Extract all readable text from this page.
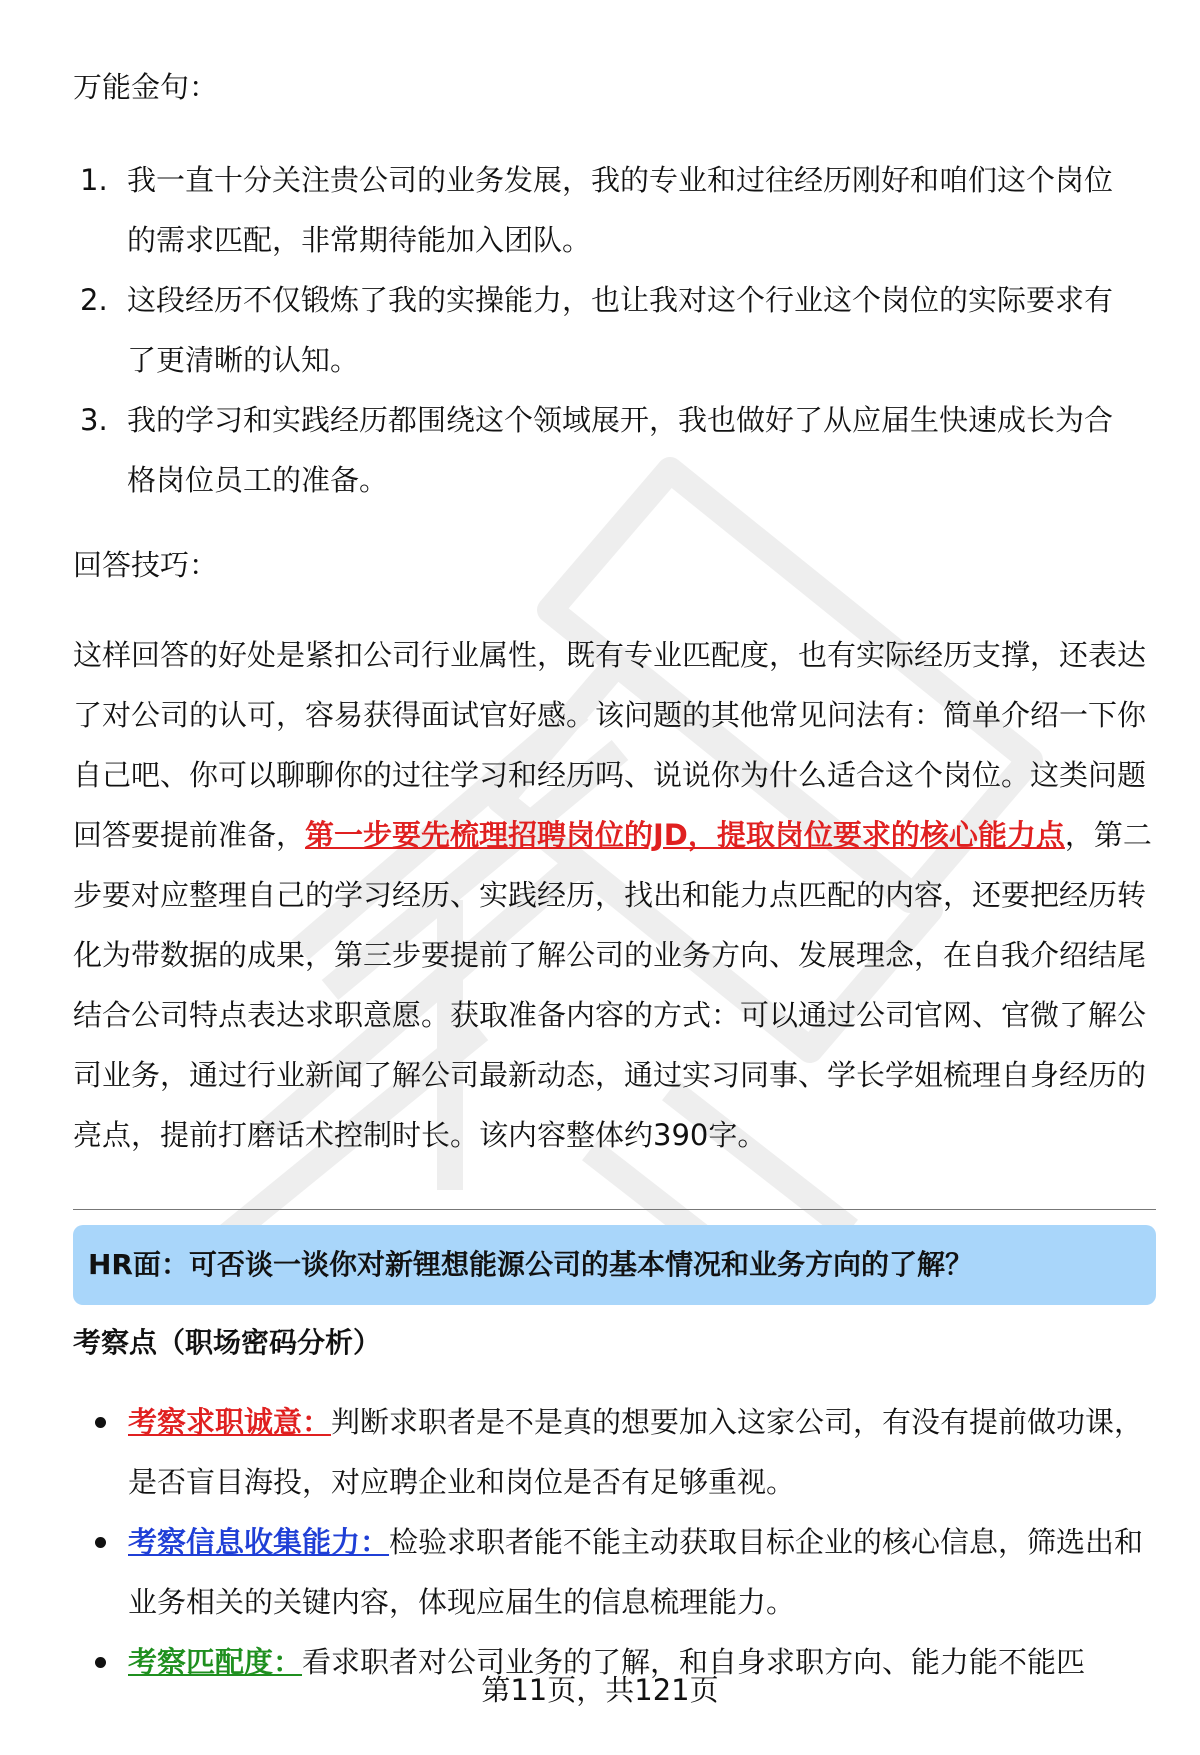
万能金句：
1. 我一直十分关注贵公司的业务发展，我的专业和过往经历刚好和咱们这个岗位的需求匹配，非常期待能加入团队。
2. 这段经历不仅锻炼了我的实操能力，也让我对这个行业这个岗位的实际要求有了更清晰的认知。
3. 我的学习和实践经历都围绕这个领域展开，我也做好了从应届生快速成长为合格岗位员工的准备。
回答技巧：

这样回答的好处是紧扣公司行业属性，既有专业匹配度，也有实际经历支撑，还表达了对公司的认可，容易获得面试官好感。该问题的其他常见问法有：简单介绍一下你自己吧、你可以聊聊你的过往学习和经历吗、说说你为什么适合这个岗位。这类问题回答要提前准备，第一步要先梳理招聘岗位的JD，提取岗位要求的核心能力点，第二步要对应整理自己的学习经历、实践经历，找出和能力点匹配的内容，还要把经历转化为带数据的成果，第三步要提前了解公司的业务方向、发展理念，在自我介绍结尾结合公司特点表达求职意愿。获取准备内容的方式：可以通过公司官网、官微了解公司业务，通过行业新闻了解公司最新动态，通过实习同事、学长学姐梳理自身经历的亮点，提前打磨话术控制时长。该内容整体约390字。

HR面：可否谈一谈你对新锂想能源公司的基本情况和业务方向的了解？
考察点（职场密码分析）
考察求职诚意：判断求职者是不是真的想要加入这家公司，有没有提前做功课，是否盲目海投，对应聘企业和岗位是否有足够重视。
考察信息收集能力：检验求职者能不能主动获取目标企业的核心信息，筛选出和业务相关的关键内容，体现应届生的信息梳理能力。
考察匹配度：看求职者对公司业务的了解，和自身求职方向、能力能不能匹
第11页，共121页
